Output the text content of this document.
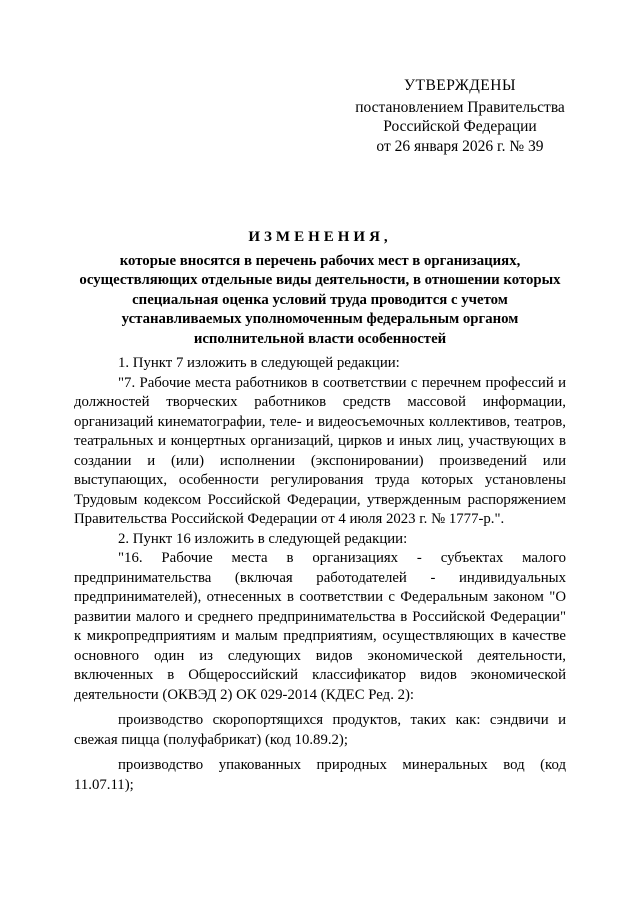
УТВЕРЖДЕНЫ
постановлением Правительства
Российской Федерации
от 26 января 2026 г. № 39
ИЗМЕНЕНИЯ,
которые вносятся в перечень рабочих мест в организациях, осуществляющих отдельные виды деятельности, в отношении которых специальная оценка условий труда проводится с учетом устанавливаемых уполномоченным федеральным органом исполнительной власти особенностей

1. Пункт 7 изложить в следующей редакции:

"7. Рабочие места работников в соответствии с перечнем профессий и должностей творческих работников средств массовой информации, организаций кинематографии, теле- и видеосъемочных коллективов, театров, театральных и концертных организаций, цирков и иных лиц, участвующих в создании и (или) исполнении (экспонировании) произведений или выступающих, особенности регулирования труда которых установлены Трудовым кодексом Российской Федерации, утвержденным распоряжением Правительства Российской Федерации от 4 июля 2023 г. № 1777-р.".

2. Пункт 16 изложить в следующей редакции:

"16. Рабочие места в организациях - субъектах малого предпринимательства (включая работодателей - индивидуальных предпринимателей), отнесенных в соответствии с Федеральным законом "О развитии малого и среднего предпринимательства в Российской Федерации" к микропредприятиям и малым предприятиям, осуществляющих в качестве основного один из следующих видов экономической деятельности, включенных в Общероссийский классификатор видов экономической деятельности (ОКВЭД 2) ОК 029-2014 (КДЕС Ред. 2):

производство скоропортящихся продуктов, таких как: сэндвичи и свежая пицца (полуфабрикат) (код 10.89.2);

производство упакованных природных минеральных вод (код 11.07.11);
